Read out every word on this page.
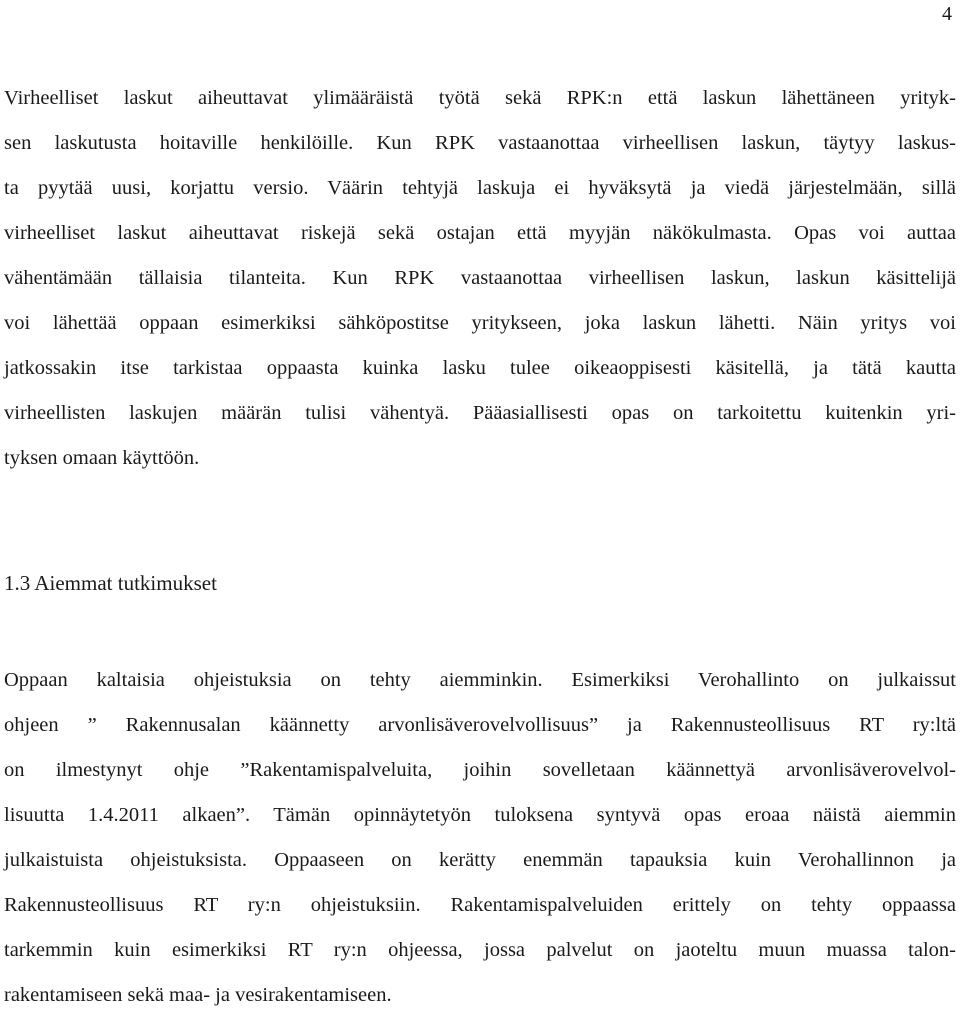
4
Virheelliset laskut aiheuttavat ylimääräistä työtä sekä RPK:n että laskun lähettäneen yrityk-
sen laskutusta hoitaville henkilöille. Kun RPK vastaanottaa virheellisen laskun, täytyy laskus-
ta pyytää uusi, korjattu versio. Väärin tehtyjä laskuja ei hyväksytä ja viedä järjestelmään, sillä
virheelliset laskut aiheuttavat riskejä sekä ostajan että myyjän näkökulmasta. Opas voi auttaa
vähentämään tällaisia tilanteita. Kun RPK vastaanottaa virheellisen laskun, laskun käsittelijä
voi lähettää oppaan esimerkiksi sähköpostitse yritykseen, joka laskun lähetti. Näin yritys voi
jatkossakin itse tarkistaa oppaasta kuinka lasku tulee oikeaoppisesti käsitellä, ja tätä kautta
virheellisten laskujen määrän tulisi vähentyä. Pääasiallisesti opas on tarkoitettu kuitenkin yri-
tyksen omaan käyttöön.
1.3 Aiemmat tutkimukset
Oppaan kaltaisia ohjeistuksia on tehty aiemminkin. Esimerkiksi Verohallinto on julkaissut
ohjeen ” Rakennusalan käännetty arvonlisäverovelvollisuus” ja Rakennusteollisuus RT ry:ltä
on ilmestynyt ohje ”Rakentamispalveluita, joihin sovelletaan käännettyä arvonlisäverovelvol-
lisuutta 1.4.2011 alkaen”. Tämän opinnäytetyön tuloksena syntyvä opas eroaa näistä aiemmin
julkaistuista ohjeistuksista. Oppaaseen on kerätty enemmän tapauksia kuin Verohallinnon ja
Rakennusteollisuus RT ry:n ohjeistuksiin. Rakentamispalveluiden erittely on tehty oppaassa
tarkemmin kuin esimerkiksi RT ry:n ohjeessa, jossa palvelut on jaoteltu muun muassa talon-
rakentamiseen sekä maa- ja vesirakentamiseen.
